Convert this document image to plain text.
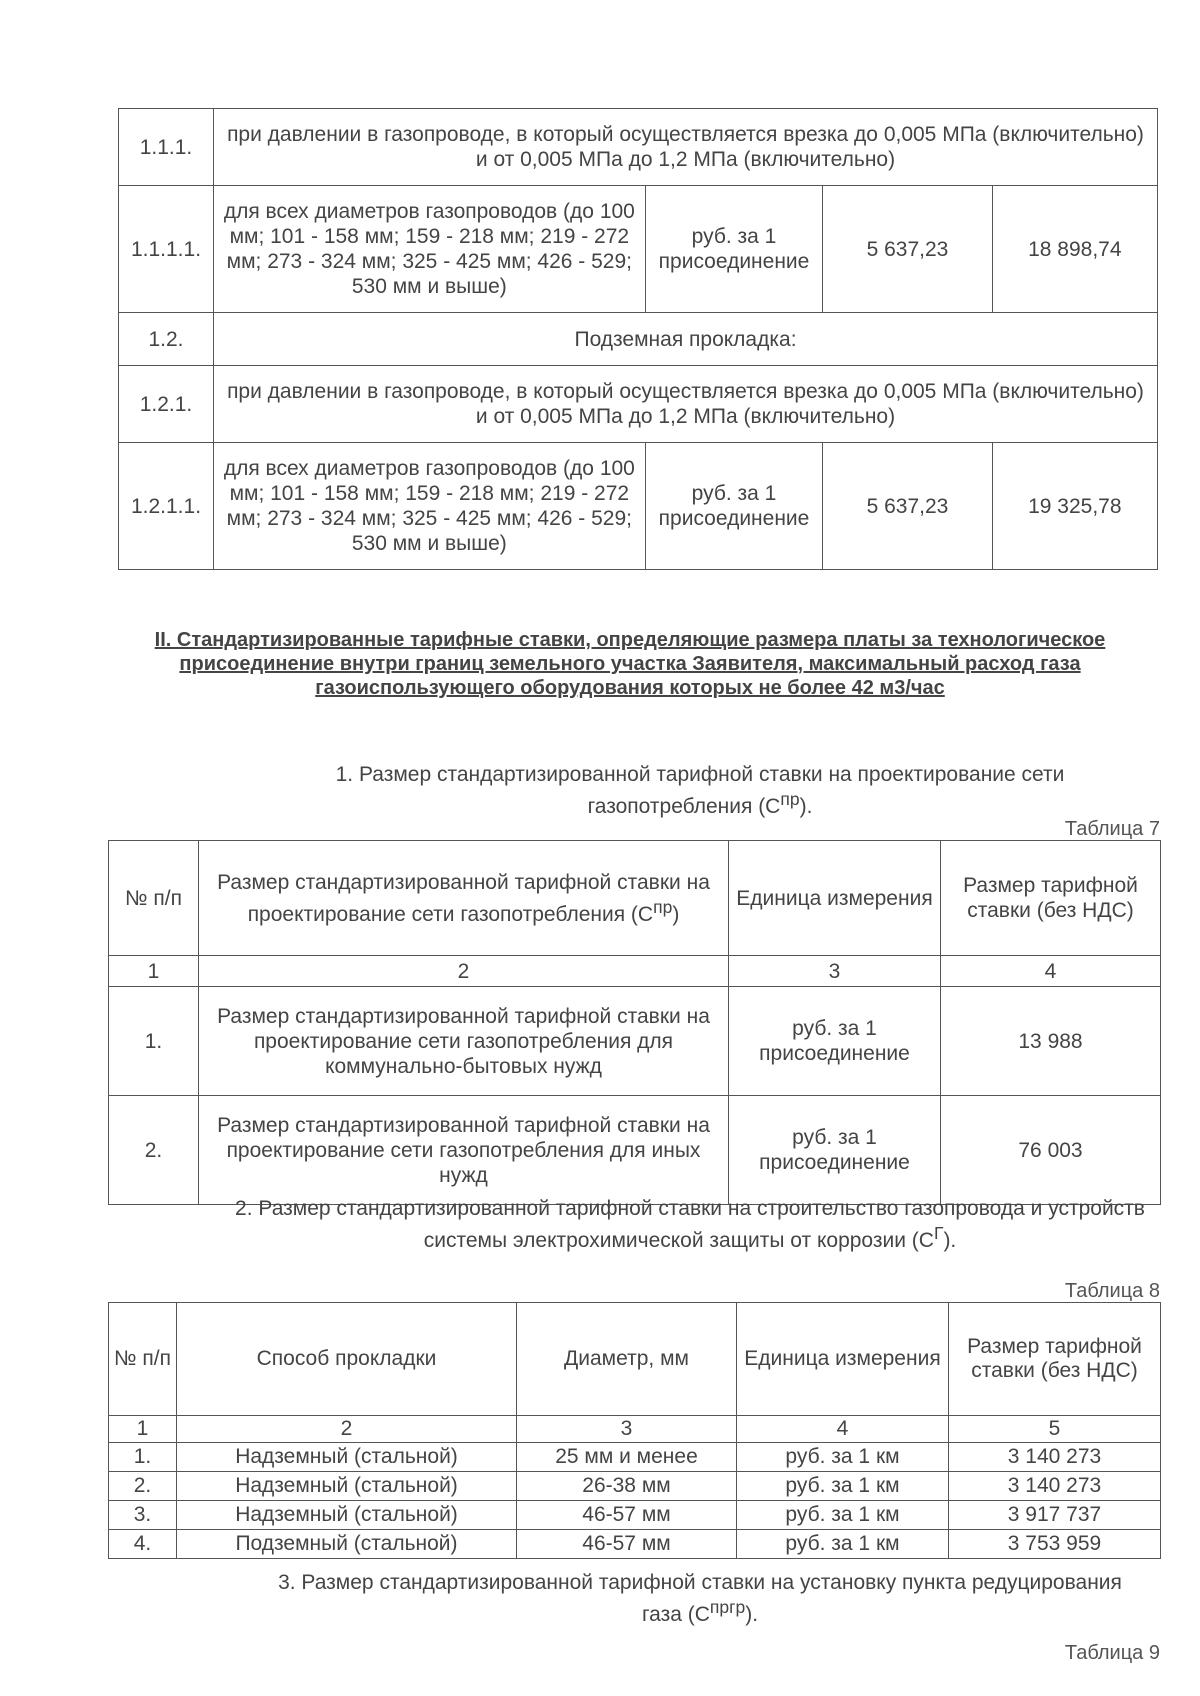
1.1.1.	при давлении в газопроводе, в который осуществляется врезка до 0,005 МПа (включительно) и от 0,005 МПа до 1,2 МПа (включительно)			
1.1.1.1.	для всех диаметров газопроводов (до 100 мм; 101 - 158 мм; 159 - 218 мм; 219 - 272 мм; 273 - 324 мм; 325 - 425 мм; 426 - 529; 530 мм и выше)	руб. за 1 присоединение	5 637,23	18 898,74
1.2.	Подземная прокладка:			
1.2.1.	при давлении в газопроводе, в который осуществляется врезка до 0,005 МПа (включительно) и от 0,005 МПа до 1,2 МПа (включительно)			
1.2.1.1.	для всех диаметров газопроводов (до 100 мм; 101 - 158 мм; 159 - 218 мм; 219 - 272 мм; 273 - 324 мм; 325 - 425 мм; 426 - 529; 530 мм и выше)	руб. за 1 присоединение	5 637,23	19 325,78
II. Стандартизированные тарифные ставки, определяющие размера платы за технологическое присоединение внутри границ земельного участка Заявителя, максимальный расход газа газоиспользующего оборудования которых не более 42 м3/час
1. Размер стандартизированной тарифной ставки на проектирование сети газопотребления $(C^{пр})$.
Таблица 7
№ п/п	Размер стандартизированной тарифной ставки на проектирование сети газопотребления $(C^{пр})$	Единица измерения	Размер тарифной ставки (без НДС)
1	2	3	4
1.	Размер стандартизированной тарифной ставки на проектирование сети газопотребления для коммунально-бытовых нужд	руб. за 1 присоединение	13 988
2.	Размер стандартизированной тарифной ставки на проектирование сети газопотребления для иных нужд	руб. за 1 присоединение	76 003
2. Размер стандартизированной тарифной ставки на строительство газопровода и устройств системы электрохимической защиты от коррозии $(C^Г)$.
Таблица 8
№ п/п	Способ прокладки	Диаметр, мм	Единица измерения	Размер тарифной ставки (без НДС)
1	2	3	4	5
1.	Надземный (стальной)	25 мм и менее	руб. за 1 км	3 140 273
2.	Надземный (стальной)	26-38 мм	руб. за 1 км	3 140 273
3.	Надземный (стальной)	46-57 мм	руб. за 1 км	3 917 737
4.	Подземный (стальной)	46-57 мм	руб. за 1 км	3 753 959
3. Размер стандартизированной тарифной ставки на установку пункта редуцирования газа $(C^{пргр})$.
Таблица 9
